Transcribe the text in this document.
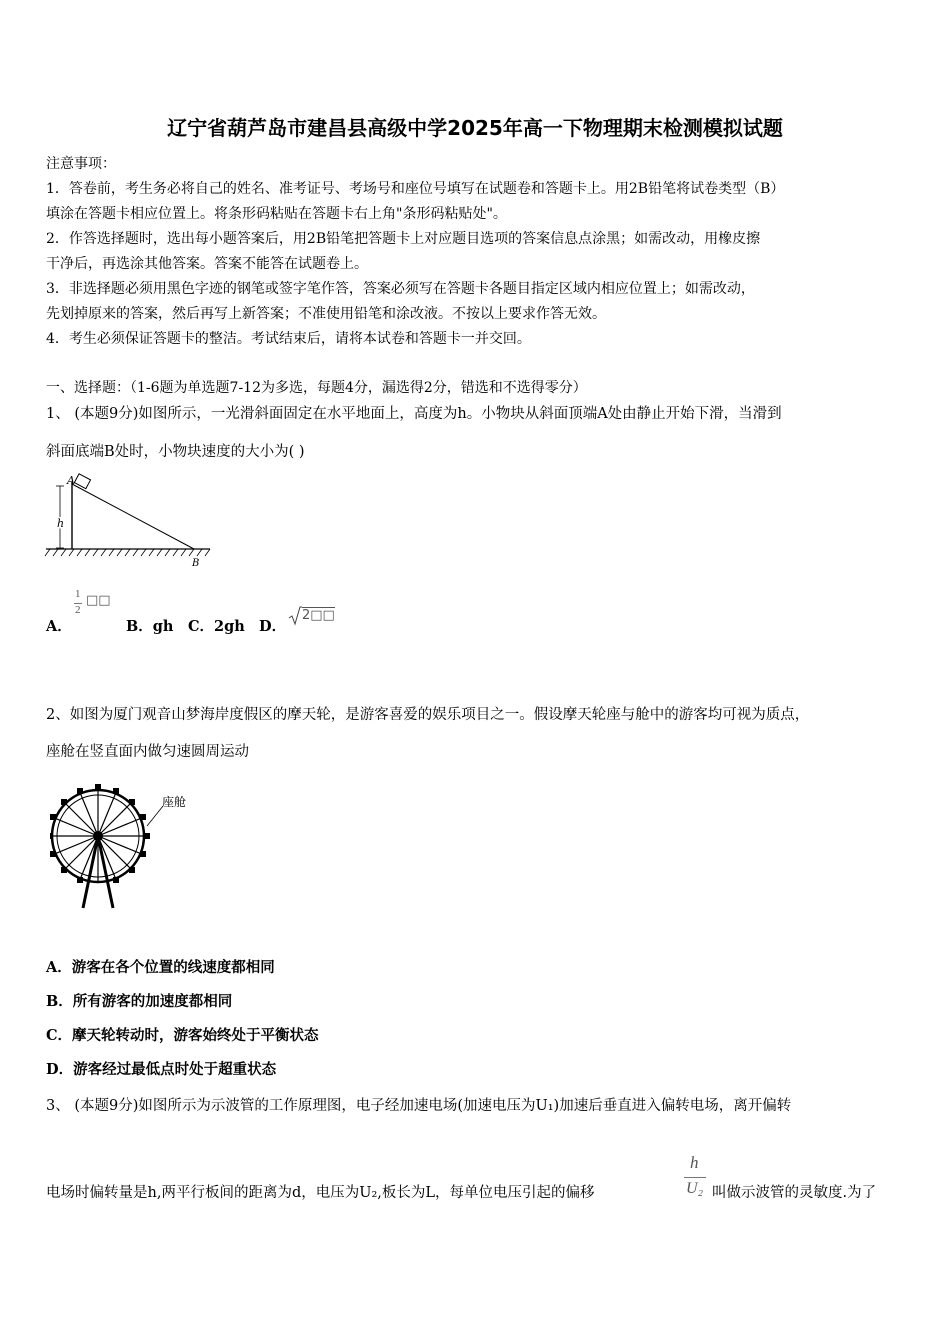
辽宁省葫芦岛市建昌县高级中学2025年高一下物理期末检测模拟试题
注意事项：
1．答卷前，考生务必将自己的姓名、准考证号、考场号和座位号填写在试题卷和答题卡上。用2B铅笔将试卷类型（B）
填涂在答题卡相应位置上。将条形码粘贴在答题卡右上角"条形码粘贴处"。
2．作答选择题时，选出每小题答案后，用2B铅笔把答题卡上对应题目选项的答案信息点涂黑；如需改动，用橡皮擦
干净后，再选涂其他答案。答案不能答在试题卷上。
3．非选择题必须用黑色字迹的钢笔或签字笔作答，答案必须写在答题卡各题目指定区域内相应位置上；如需改动，
先划掉原来的答案，然后再写上新答案；不准使用铅笔和涂改液。不按以上要求作答无效。
4．考生必须保证答题卡的整洁。考试结束后，请将本试卷和答题卡一并交回。
一、选择题：（1-6题为单选题7-12为多选，每题4分，漏选得2分，错选和不选得零分）
1、 (本题9分)如图所示，一光滑斜面固定在水平地面上，高度为h。小物块从斜面顶端A处由静止开始下滑，当滑到
斜面底端B处时，小物块速度的大小为( )
A
h
B
1
2
□□
A．	B．gh C．2gh D．
2□□
2、如图为厦门观音山梦海岸度假区的摩天轮，是游客喜爱的娱乐项目之一。假设摩天轮座与舱中的游客均可视为质点，
座舱在竖直面内做匀速圆周运动
座舱
A．游客在各个位置的线速度都相同
B．所有游客的加速度都相同
C．摩天轮转动时，游客始终处于平衡状态
D．游客经过最低点时处于超重状态
3、 (本题9分)如图所示为示波管的工作原理图，电子经加速电场(加速电压为U₁)加速后垂直进入偏转电场，离开偏转
h
U₂
电场时偏转量是h,两平行板间的距离为d，电压为U₂,板长为L，每单位电压引起的偏移	叫做示波管的灵敏度.为了
